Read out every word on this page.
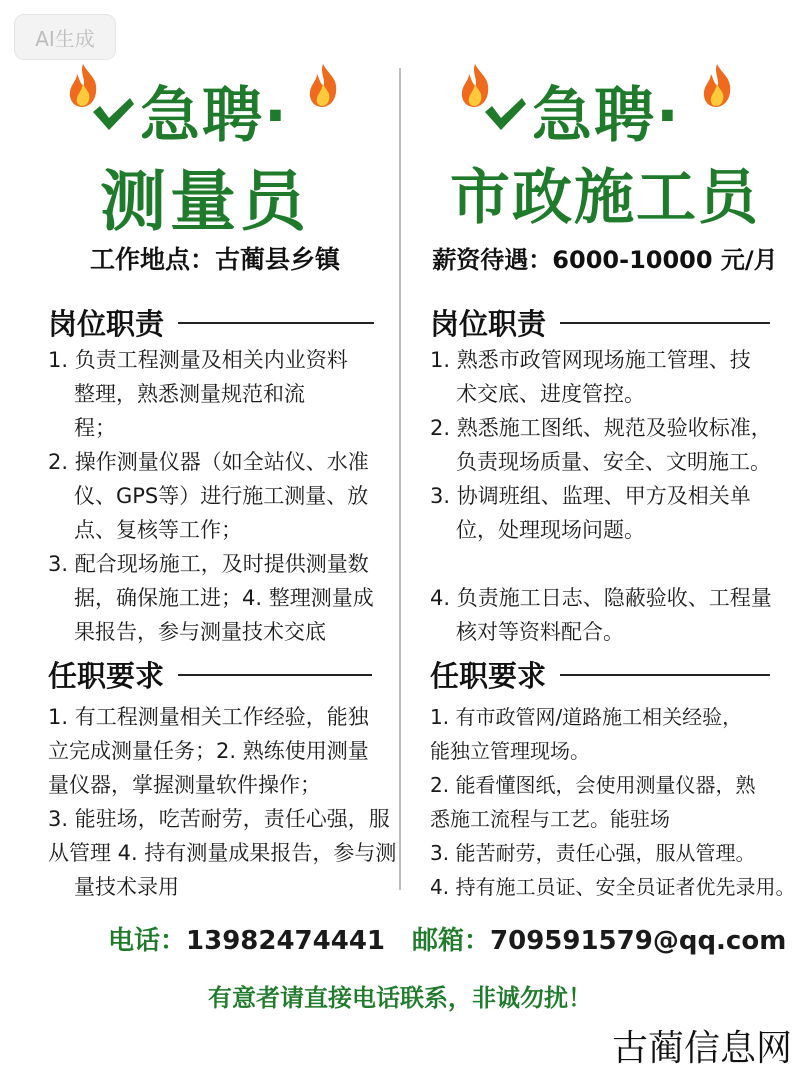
AI生成
急聘·
测量员
工作地点：古蔺县乡镇
岗位职责
1. 负责工程测量及相关内业资料
整理，熟悉测量规范和流
程；
2. 操作测量仪器（如全站仪、水准
仪、GPS等）进行施工测量、放
点、复核等工作；
3. 配合现场施工，及时提供测量数
据，确保施工进；4. 整理测量成
果报告，参与测量技术交底
任职要求
1. 有工程测量相关工作经验，能独
立完成测量任务；2. 熟练使用测量
量仪器，掌握测量软件操作；
3. 能驻场，吃苦耐劳，责任心强，服
从管理 4. 持有测量成果报告，参与测
量技术录用
急聘·
市政施工员
薪资待遇：6000-10000 元/月
岗位职责
1. 熟悉市政管网现场施工管理、技
术交底、进度管控。
2. 熟悉施工图纸、规范及验收标准，
负责现场质量、安全、文明施工。
3. 协调班组、监理、甲方及相关单
位，处理现场问题。

4. 负责施工日志、隐蔽验收、工程量
核对等资料配合。
任职要求
1. 有市政管网/道路施工相关经验，
能独立管理现场。
2. 能看懂图纸，会使用测量仪器，熟
悉施工流程与工艺。能驻场
3. 能苦耐劳，责任心强，服从管理。
4. 持有施工员证、安全员证者优先录用。
电话：13982474441 邮箱：709591579@qq.com
有意者请直接电话联系，非诚勿扰！
古蔺信息网
